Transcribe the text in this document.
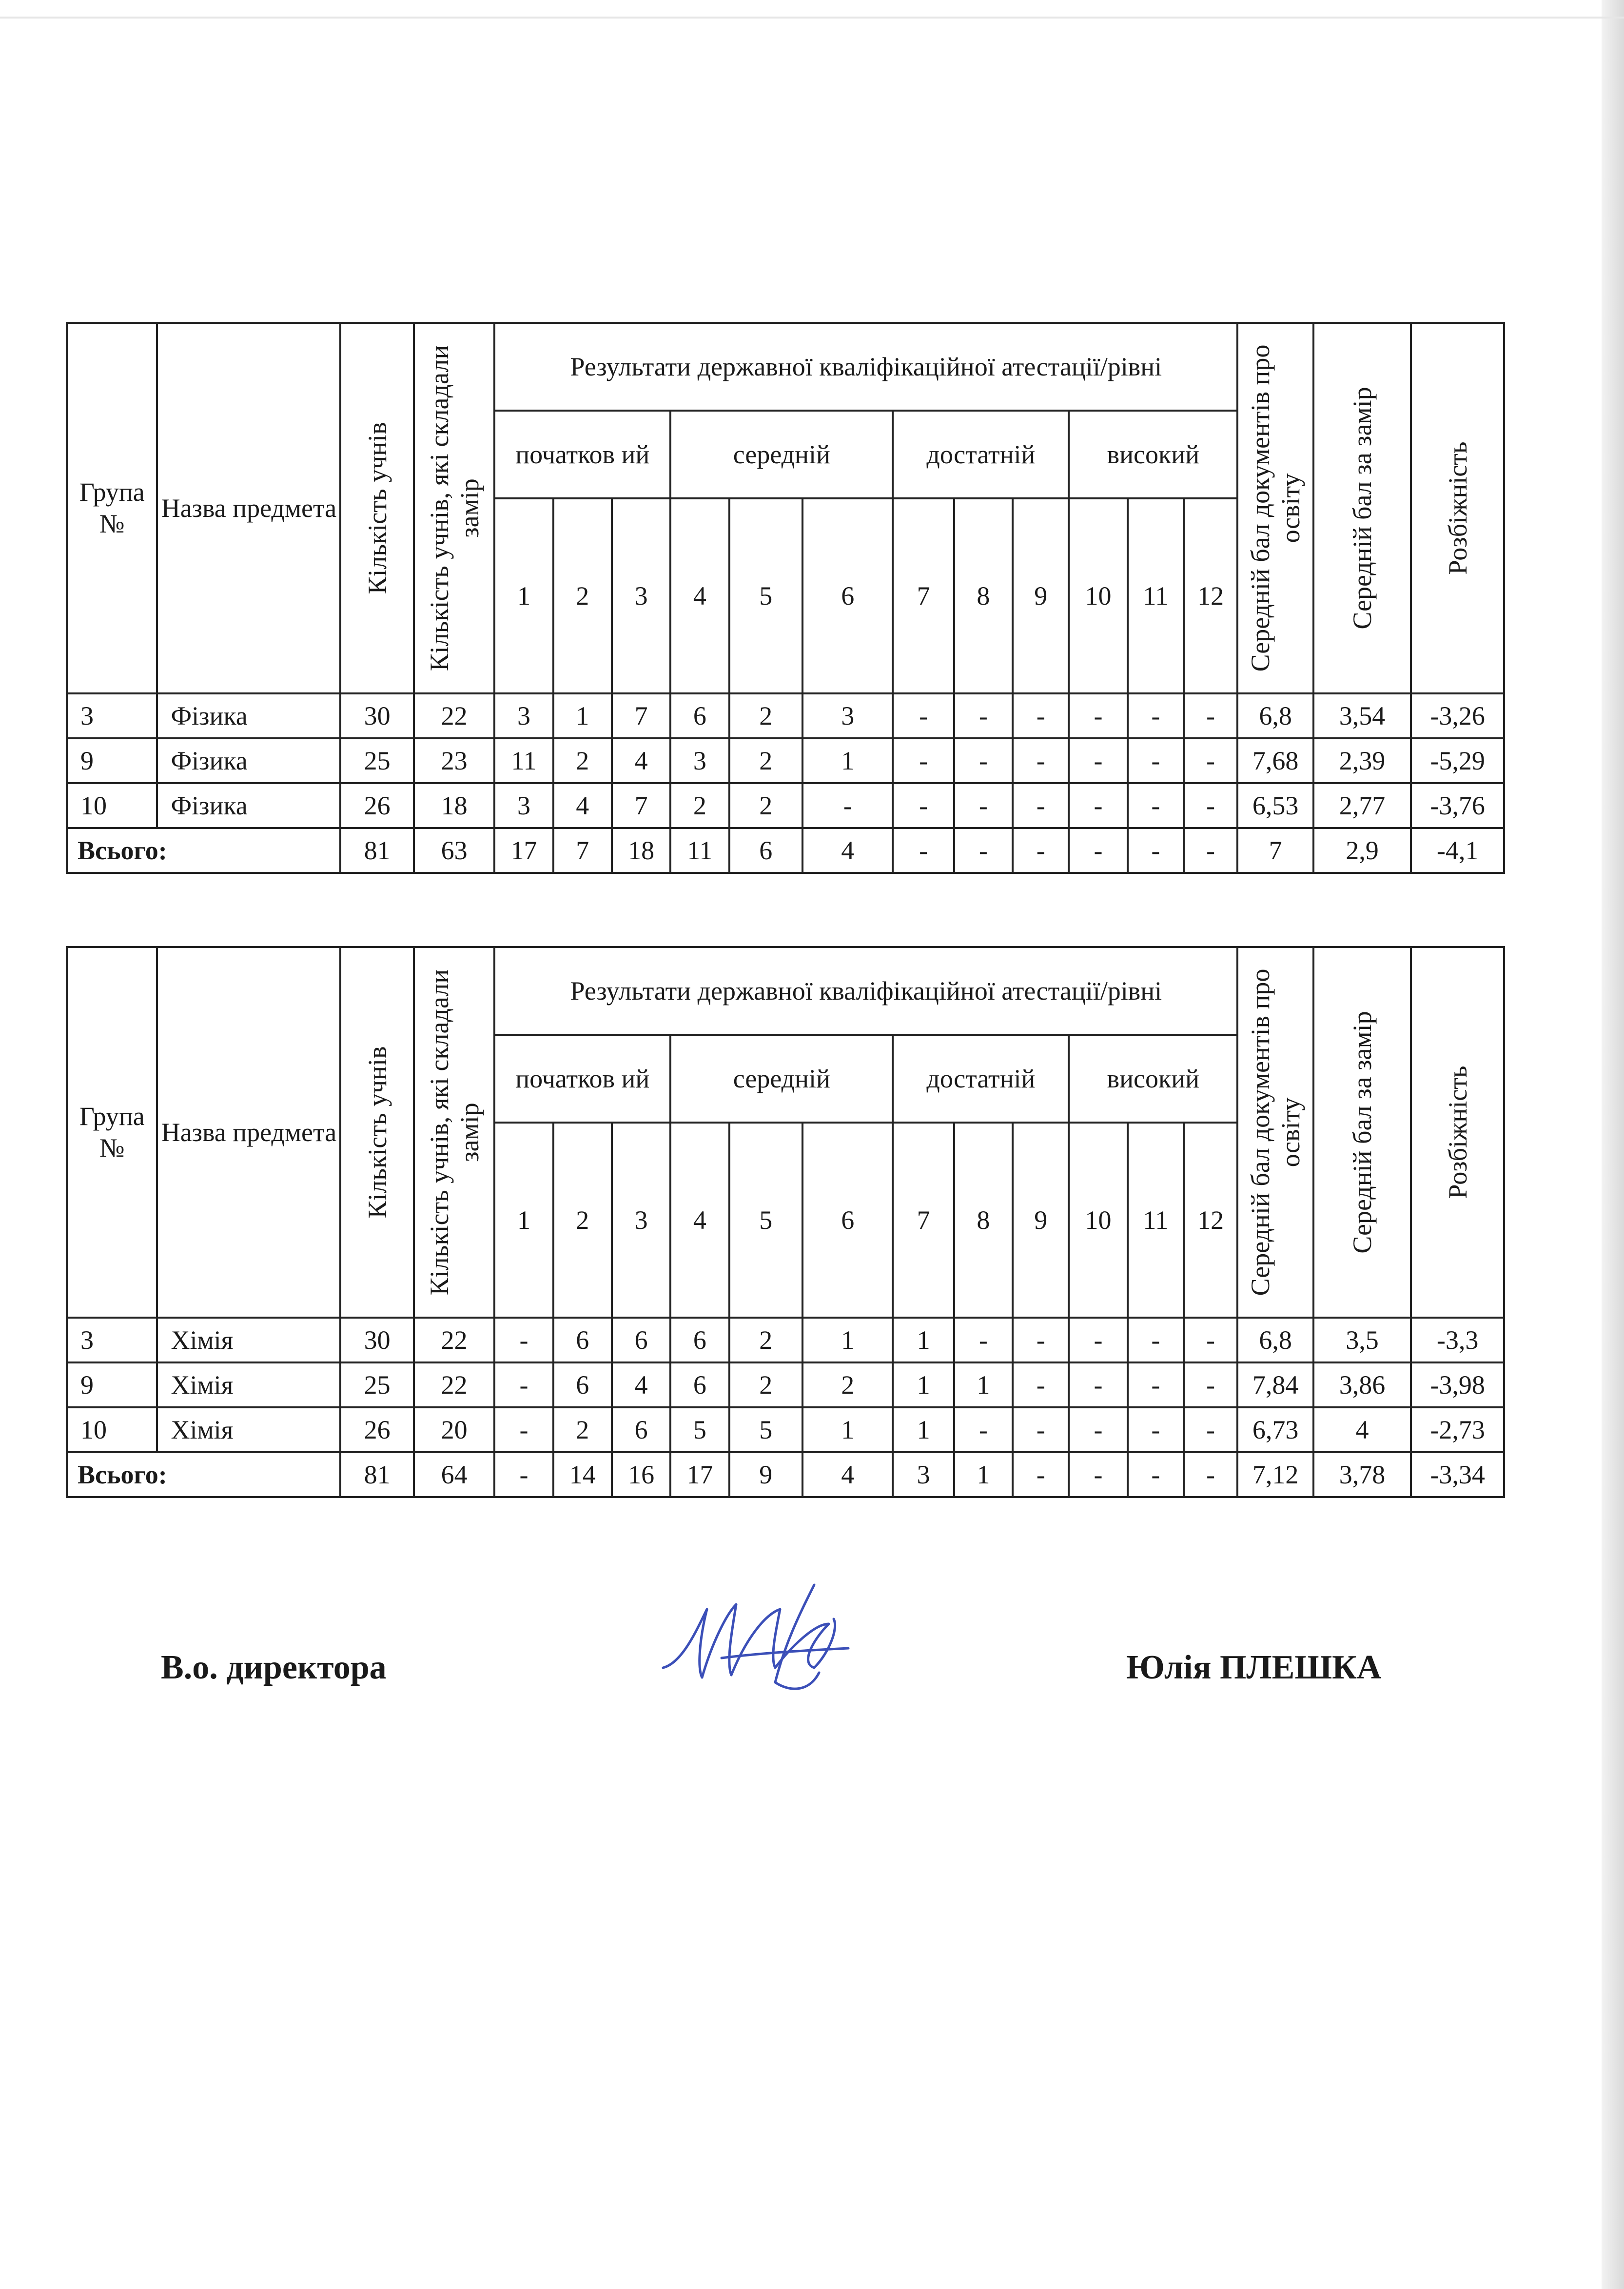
Група №	Назва предмета	Кількість учнів	Кількість учнів, які складали замір	Результати державної кваліфікаційної атестації/рівні												Середній бал документів про освіту	Середній бал за замір	Розбіжність

				початков ий			середній			достатній			високий					
				1	2	3	4	5	6	7	8	9	10	11	12			
3	Фізика	30	22	3	1	7	6	2	3	-	-	-	-	-	-	6,8	3,54	-3,26
9	Фізика	25	23	11	2	4	3	2	1	-	-	-	-	-	-	7,68	2,39	-5,29
10	Фізика	26	18	3	4	7	2	2	-	-	-	-	-	-	-	6,53	2,77	-3,76
Всього:		81	63	17	7	18	11	6	4	-	-	-	-	-	-	7	2,9	-4,1
Група №	Назва предмета	Кількість учнів	Кількість учнів, які складали замір	Результати державної кваліфікаційної атестації/рівні												Середній бал документів про освіту	Середній бал за замір	Розбіжність

				початков ий			середній			достатній			високий					
				1	2	3	4	5	6	7	8	9	10	11	12			
3	Хімія	30	22	-	6	6	6	2	1	1	-	-	-	-	-	6,8	3,5	-3,3
9	Хімія	25	22	-	6	4	6	2	2	1	1	-	-	-	-	7,84	3,86	-3,98
10	Хімія	26	20	-	2	6	5	5	1	1	-	-	-	-	-	6,73	4	-2,73
Всього:		81	64	-	14	16	17	9	4	3	1	-	-	-	-	7,12	3,78	-3,34
В.о. директора	Юлія ПЛЕШКА
